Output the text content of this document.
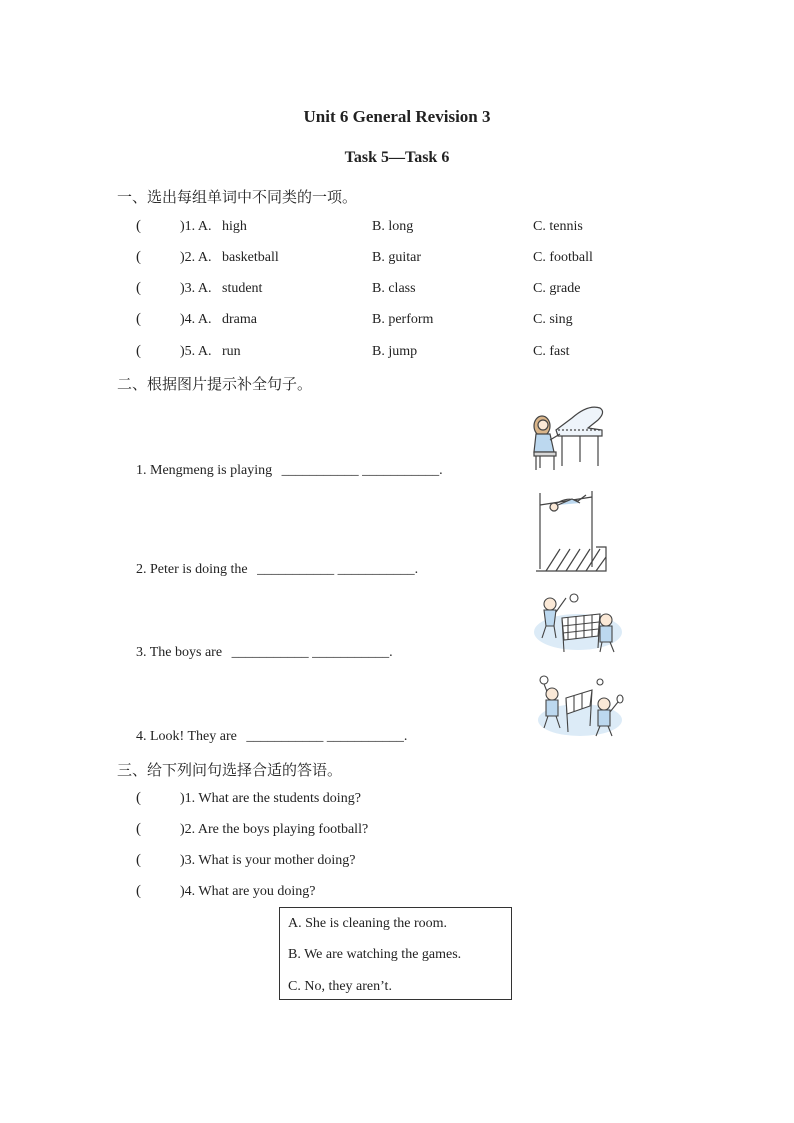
Unit 6 General Revision 3
Task 5—Task 6
一、选出每组单词中不同类的一项。
(	)1. A. high	B. long	C. tennis
(	)2. A. basketball	B. guitar	C. football
(	)3. A. student	B. class	C. grade
(	)4. A. drama	B. perform	C. sing
(	)5. A. run	B. jump	C. fast
二、根据图片提示补全句子。
1. Mengmeng is playing ___________ ___________.
2. Peter is doing the ___________ ___________.
3. The boys are ___________ ___________.
4. Look! They are ___________ ___________.
三、给下列问句选择合适的答语。
(	)1. What are the students doing?
(	)2. Are the boys playing football?
(	)3. What is your mother doing?
(	)4. What are you doing?
A. She is cleaning the room.
B. We are watching the games.
C. No, they aren’t.
